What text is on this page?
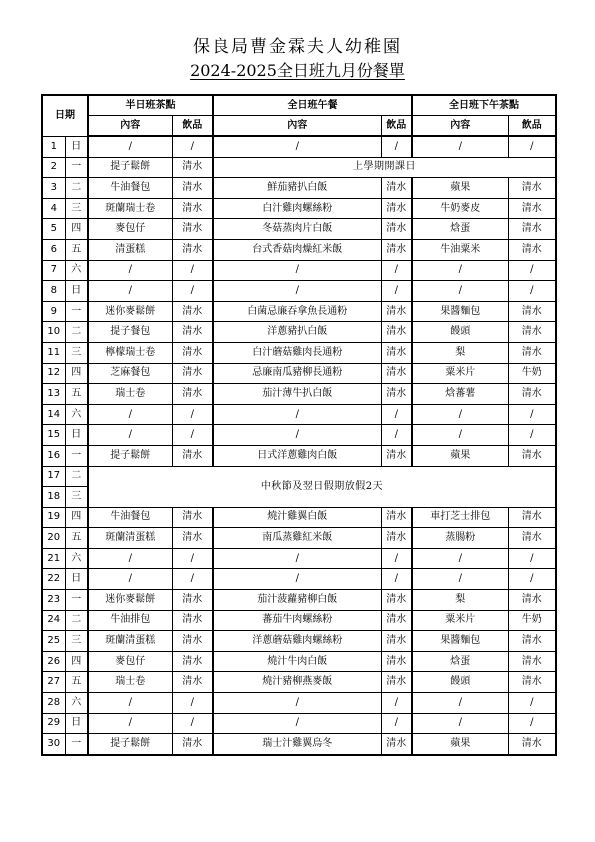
保良局曹金霖夫人幼稚園
2024-2025全日班九月份餐單
日期		半日班茶點		全日班午餐		全日班下午茶點	
		內容	飲品	內容	飲品	內容	飲品
1	日	/	/	/	/	/	/
2	一	提子鬆餅	清水	上學期開課日			
3	二	牛油餐包	清水	鮮茄豬扒白飯	清水	蘋果	清水
4	三	斑蘭瑞士卷	清水	白汁雞肉螺絲粉	清水	牛奶麥皮	清水
5	四	麥包仔	清水	冬菇蒸肉片白飯	清水	焓蛋	清水
6	五	清蛋糕	清水	台式香菇肉燥紅米飯	清水	牛油粟米	清水
7	六	/	/	/	/	/	/
8	日	/	/	/	/	/	/
9	一	迷你麥鬆餅	清水	白菌忌廉吞拿魚長通粉	清水	果醬麵包	清水
10	二	提子餐包	清水	洋蔥豬扒白飯	清水	饅頭	清水
11	三	檸檬瑞士卷	清水	白汁蘑菇雞肉長通粉	清水	梨	清水
12	四	芝麻餐包	清水	忌廉南瓜豬柳長通粉	清水	粟米片	牛奶
13	五	瑞士卷	清水	茄汁薄牛扒白飯	清水	焓蕃薯	清水
14	六	/	/	/	/	/	/
15	日	/	/	/	/	/	/
16	一	提子鬆餅	清水	日式洋蔥雞肉白飯	清水	蘋果	清水
17	二	中秋節及翌日假期放假2天					
18	三						
19	四	牛油餐包	清水	燒汁雞翼白飯	清水	車打芝士排包	清水
20	五	斑蘭清蛋糕	清水	南瓜蒸雞紅米飯	清水	蒸腸粉	清水
21	六	/	/	/	/	/	/
22	日	/	/	/	/	/	/
23	一	迷你麥鬆餅	清水	茄汁菠蘿豬柳白飯	清水	梨	清水
24	二	牛油排包	清水	蕃茄牛肉螺絲粉	清水	粟米片	牛奶
25	三	斑蘭清蛋糕	清水	洋蔥蘑菇雞肉螺絲粉	清水	果醬麵包	清水
26	四	麥包仔	清水	燒汁牛肉白飯	清水	焓蛋	清水
27	五	瑞士卷	清水	燒汁豬柳燕麥飯	清水	饅頭	清水
28	六	/	/	/	/	/	/
29	日	/	/	/	/	/	/
30	一	提子鬆餅	清水	瑞士汁雞翼烏冬	清水	蘋果	清水
